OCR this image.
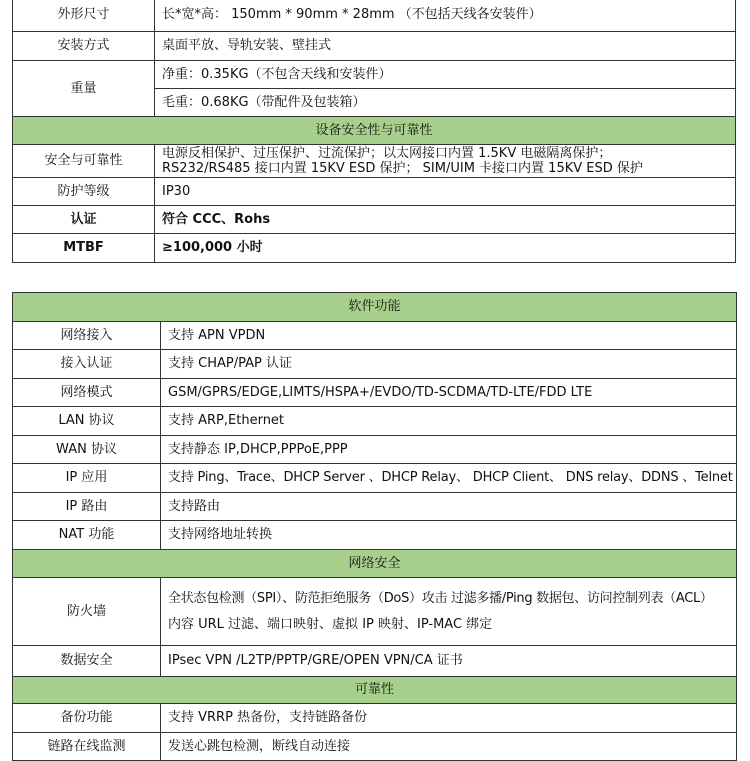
外形尺寸	长*宽*高： 150mm * 90mm * 28mm （不包括天线各安装件）
安装方式	桌面平放、导轨安装、壁挂式
重量	净重：0.35KG（不包含天线和安装件）
	毛重：0.68KG（带配件及包装箱）
设备安全性与可靠性	
安全与可靠性	电源反相保护、过压保护、过流保护；以太网接口内置 1.5KV 电磁隔离保护；
RS232/RS485 接口内置 15KV ESD 保护； SIM/UIM 卡接口内置 15KV ESD 保护

防护等级	IP30
认证	符合 CCC、Rohs
MTBF	≥100,000 小时
软件功能	
网络接入	支持 APN VPDN
接入认证	支持 CHAP/PAP 认证
网络模式	GSM/GPRS/EDGE,LIMTS/HSPA+/EVDO/TD-SCDMA/TD-LTE/FDD LTE
LAN 协议	支持 ARP,Ethernet
WAN 协议	支持静态 IP,DHCP,PPPoE,PPP
IP 应用	支持 Ping、Trace、DHCP Server 、DHCP Relay、 DHCP Client、 DNS relay、DDNS 、Telnet
IP 路由	支持路由
NAT 功能	支持网络地址转换
网络安全	
防火墙	全状态包检测（SPI）、防范拒绝服务（DoS）攻击 过滤多播/Ping 数据包、访问控制列表（ACL）
内容 URL 过滤、端口映射、虚拟 IP 映射、IP-MAC 绑定

数据安全	IPsec VPN /L2TP/PPTP/GRE/OPEN VPN/CA 证书
可靠性	
备份功能	支持 VRRP 热备份，支持链路备份
链路在线监测	发送心跳包检测，断线自动连接
